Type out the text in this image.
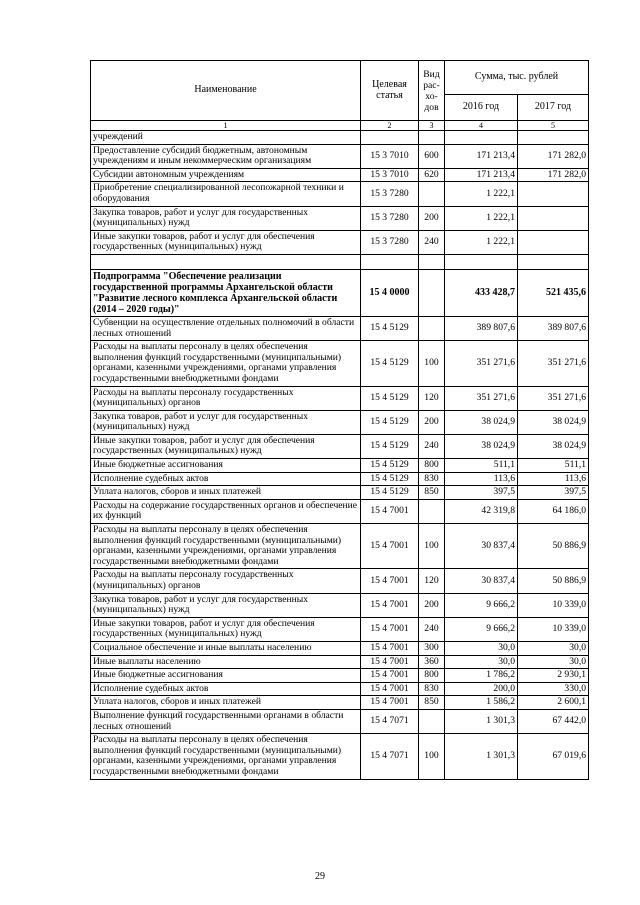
Наименование	Целевая статья	Вид рас- хо- дов	Сумма, тыс. рублей	
			2016 год	2017 год
1	2	3	4	5
учреждений				
Предоставление субсидий бюджетным, автономным учреждениям и иным некоммерческим организациям	15 3 7010	600	171 213,4	171 282,0
Субсидии автономным учреждениям	15 3 7010	620	171 213,4	171 282,0
Приобретение специализированной лесопожарной техники и оборудования	15 3 7280		1 222,1	
Закупка товаров, работ и услуг для государственных (муниципальных) нужд	15 3 7280	200	1 222,1	
Иные закупки товаров, работ и услуг для обеспечения государственных (муниципальных) нужд	15 3 7280	240	1 222,1	

Подпрограмма "Обеспечение реализации государственной программы Архангельской области "Развитие лесного комплекса Архангельской области (2014 – 2020 годы)"	15 4 0000		433 428,7	521 435,6
Субвенции на осуществление отдельных полномочий в области лесных отношений	15 4 5129		389 807,6	389 807,6
Расходы на выплаты персоналу в целях обеспечения выполнения функций государственными (муниципальными) органами, казенными учреждениями, органами управления государственными внебюджетными фондами	15 4 5129	100	351 271,6	351 271,6
Расходы на выплаты персоналу государственных (муниципальных) органов	15 4 5129	120	351 271,6	351 271,6
Закупка товаров, работ и услуг для государственных (муниципальных) нужд	15 4 5129	200	38 024,9	38 024,9
Иные закупки товаров, работ и услуг для обеспечения государственных (муниципальных) нужд	15 4 5129	240	38 024,9	38 024,9
Иные бюджетные ассигнования	15 4 5129	800	511,1	511,1
Исполнение судебных актов	15 4 5129	830	113,6	113,6
Уплата налогов, сборов и иных платежей	15 4 5129	850	397,5	397,5
Расходы на содержание государственных органов и обеспечение их функций	15 4 7001		42 319,8	64 186,0
Расходы на выплаты персоналу в целях обеспечения выполнения функций государственными (муниципальными) органами, казенными учреждениями, органами управления государственными внебюджетными фондами	15 4 7001	100	30 837,4	50 886,9
Расходы на выплаты персоналу государственных (муниципальных) органов	15 4 7001	120	30 837,4	50 886,9
Закупка товаров, работ и услуг для государственных (муниципальных) нужд	15 4 7001	200	9 666,2	10 339,0
Иные закупки товаров, работ и услуг для обеспечения государственных (муниципальных) нужд	15 4 7001	240	9 666,2	10 339,0
Социальное обеспечение и иные выплаты населению	15 4 7001	300	30,0	30,0
Иные выплаты населению	15 4 7001	360	30,0	30,0
Иные бюджетные ассигнования	15 4 7001	800	1 786,2	2 930,1
Исполнение судебных актов	15 4 7001	830	200,0	330,0
Уплата налогов, сборов и иных платежей	15 4 7001	850	1 586,2	2 600,1
Выполнение функций государственными органами в области лесных отношений	15 4 7071		1 301,3	67 442,0
Расходы на выплаты персоналу в целях обеспечения выполнения функций государственными (муниципальными) органами, казенными учреждениями, органами управления государственными внебюджетными фондами	15 4 7071	100	1 301,3	67 019,6
29
